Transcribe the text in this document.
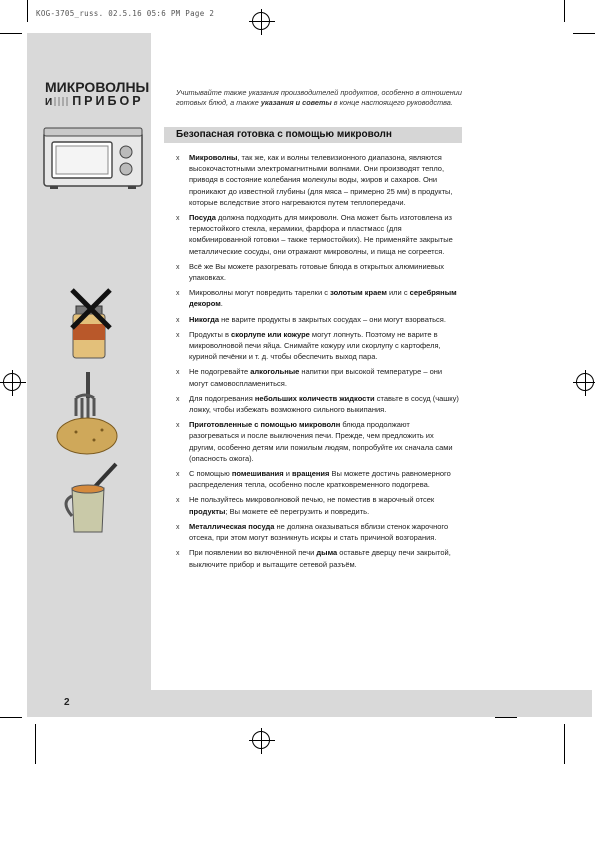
KOG-3705_russ. 02.5.16 05:6 PM Page 2
МИКРОВОЛНЫ
И ПРИБОР
Учитывайте также указания производителей продуктов, особенно в отношении готовых блюд, а также указания и советы в конце настоящего руководства.
Безопасная готовка с помощью микроволн
x Микроволны, так же, как и волны телевизионного диапазона, являются высокочастотными электромагнитными волнами. Они производят тепло, приводя в состояние колебания молекулы воды, жиров и сахаров. Они проникают до известной глубины (для мяса – примерно 25 мм) в продукты, которые вследствие этого нагреваются путем теплопередачи.
x Посуда должна подходить для микроволн. Она может быть изготовлена из термостойкого стекла, керамики, фарфора и пластмасс (для комбинированной готовки – также термостойких). Не применяйте закрытые металлические сосуды, они отражают микроволны, и пища не согреется.
x Всё же Вы можете разогревать готовые блюда в открытых алюминиевых упаковках.
x Микроволны могут повредить тарелки с золотым краем или с серебряным декором.
x Никогда не варите продукты в закрытых сосудах – они могут взорваться.
x Продукты в скорлупе или кожуре могут лопнуть. Поэтому не варите в микроволновой печи яйца. Снимайте кожуру или скорлупу с картофеля, куриной печёнки и т. д. чтобы обеспечить выход пара.
x Не подогревайте алкогольные напитки при высокой температуре – они могут самовоспламениться.
x Для подогревания небольших количеств жидкости ставьте в сосуд (чашку) ложку, чтобы избежать возможного сильного выкипания.
x Приготовленные с помощью микроволн блюда продолжают разогреваться и после выключения печи. Прежде, чем предложить их другим, особенно детям или пожилым людям, попробуйте их сначала сами (опасность ожога).
x С помощью помешивания и вращения Вы можете достичь равномерного распределения тепла, особенно после кратковременного подогрева.
x Не пользуйтесь микроволновой печью, не поместив в жарочный отсек продукты; Вы можете её перегрузить и повредить.
x Металлическая посуда не должна оказываться вблизи стенок жарочного отсека, при этом могут возникнуть искры и стать причиной возгорания.
x При появлении во включённой печи дыма оставьте дверцу печи закрытой, выключите прибор и вытащите сетевой разъём.
2
